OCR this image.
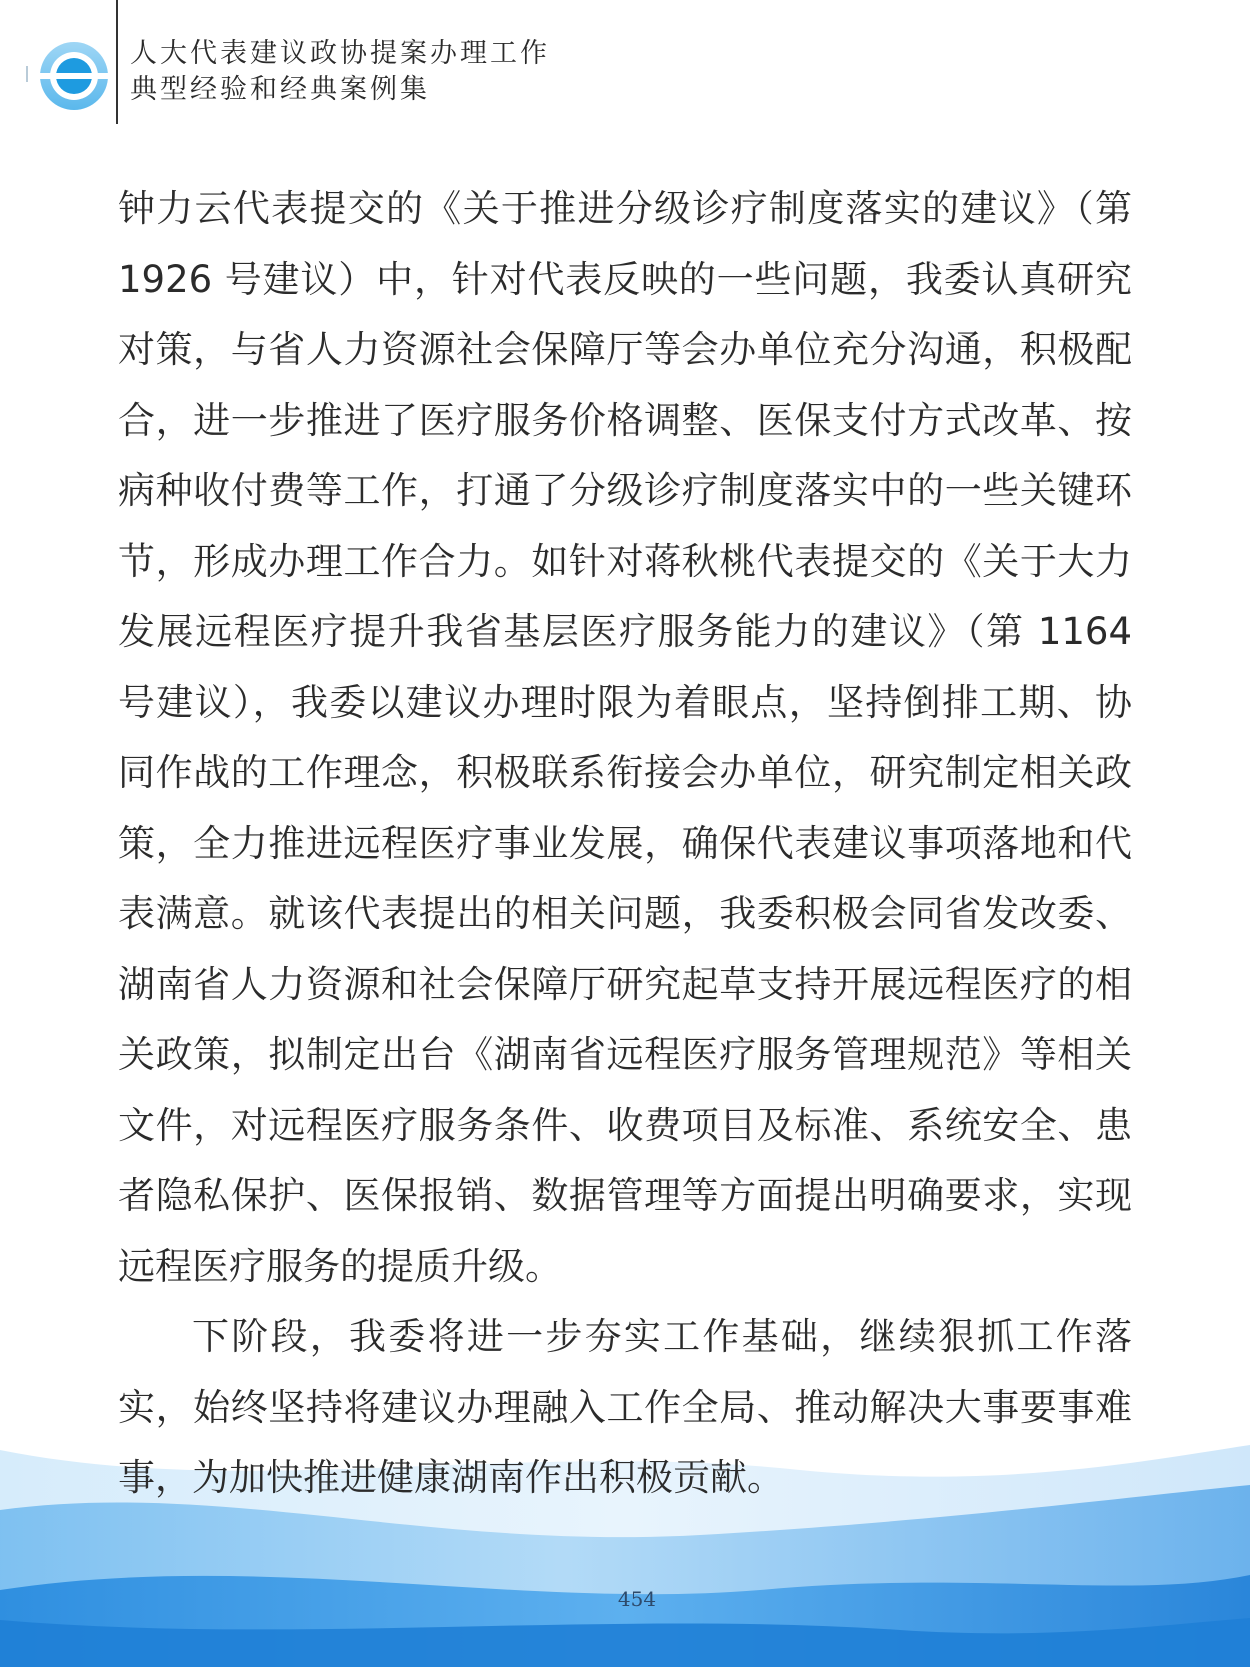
人大代表建议政协提案办理工作
典型经验和经典案例集

钟力云代表提交的《关于推进分级诊疗制度落实的建议》（第1926 号建议）中，针对代表反映的一些问题，我委认真研究对策，与省人力资源社会保障厅等会办单位充分沟通，积极配合，进一步推进了医疗服务价格调整、医保支付方式改革、按病种收付费等工作，打通了分级诊疗制度落实中的一些关键环节，形成办理工作合力。如针对蒋秋桃代表提交的《关于大力发展远程医疗提升我省基层医疗服务能力的建议》（第 1164 号建议），我委以建议办理时限为着眼点，坚持倒排工期、协同作战的工作理念，积极联系衔接会办单位，研究制定相关政策，全力推进远程医疗事业发展，确保代表建议事项落地和代表满意。就该代表提出的相关问题，我委积极会同省发改委、湖南省人力资源和社会保障厅研究起草支持开展远程医疗的相关政策，拟制定出台《湖南省远程医疗服务管理规范》等相关文件，对远程医疗服务条件、收费项目及标准、系统安全、患者隐私保护、医保报销、数据管理等方面提出明确要求，实现远程医疗服务的提质升级。

下阶段，我委将进一步夯实工作基础，继续狠抓工作落实，始终坚持将建议办理融入工作全局、推动解决大事要事难事，为加快推进健康湖南作出积极贡献。

454
